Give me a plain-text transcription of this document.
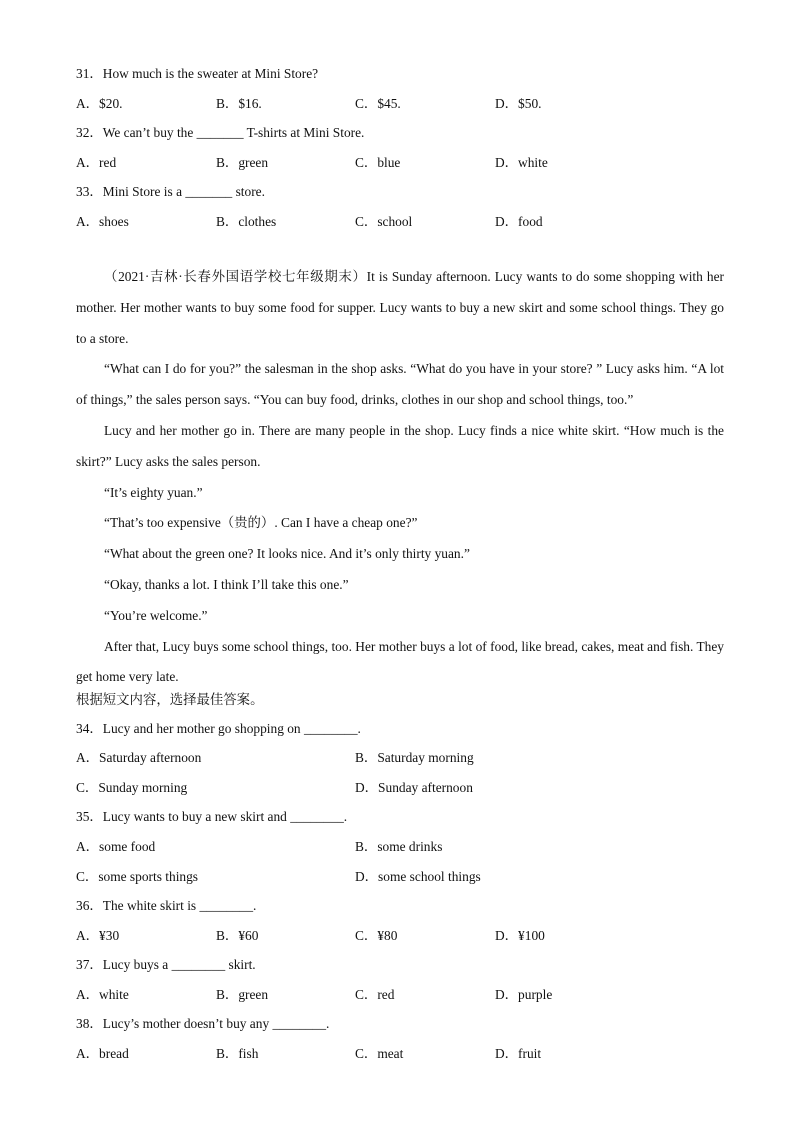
31．How much is the sweater at Mini Store?
A．$20.	B．$16.	C．$45.	D．$50.
32．We can’t buy the _______ T-shirts at Mini Store.
A．red	B．green	C．blue	D．white
33．Mini Store is a _______ store.
A．shoes	B．clothes	C．school	D．food

（2021·吉林·长春外国语学校七年级期末）It is Sunday afternoon. Lucy wants to do some shopping with her mother. Her mother wants to buy some food for supper. Lucy wants to buy a new skirt and some school things. They go to a store.

“What can I do for you?” the salesman in the shop asks. “What do you have in your store? ” Lucy asks him. “A lot of things,” the sales person says. “You can buy food, drinks, clothes in our shop and school things, too.”

Lucy and her mother go in. There are many people in the shop. Lucy finds a nice white skirt. “How much is the skirt?” Lucy asks the sales person.

“It’s eighty yuan.”

“That’s too expensive（贵的）. Can I have a cheap one?”

“What about the green one? It looks nice. And it’s only thirty yuan.”

“Okay, thanks a lot. I think I’ll take this one.”

“You’re welcome.”

After that, Lucy buys some school things, too. Her mother buys a lot of food, like bread, cakes, meat and fish. They get home very late.

根据短文内容，选择最佳答案。
34．Lucy and her mother go shopping on ________.
A．Saturday afternoon	B．Saturday morning
C．Sunday morning	D．Sunday afternoon
35．Lucy wants to buy a new skirt and ________.
A．some food	B．some drinks
C．some sports things	D．some school things
36．The white skirt is ________.
A．¥30	B．¥60	C．¥80	D．¥100
37．Lucy buys a ________ skirt.
A．white	B．green	C．red	D．purple
38．Lucy’s mother doesn’t buy any ________.
A．bread	B．fish	C．meat	D．fruit
